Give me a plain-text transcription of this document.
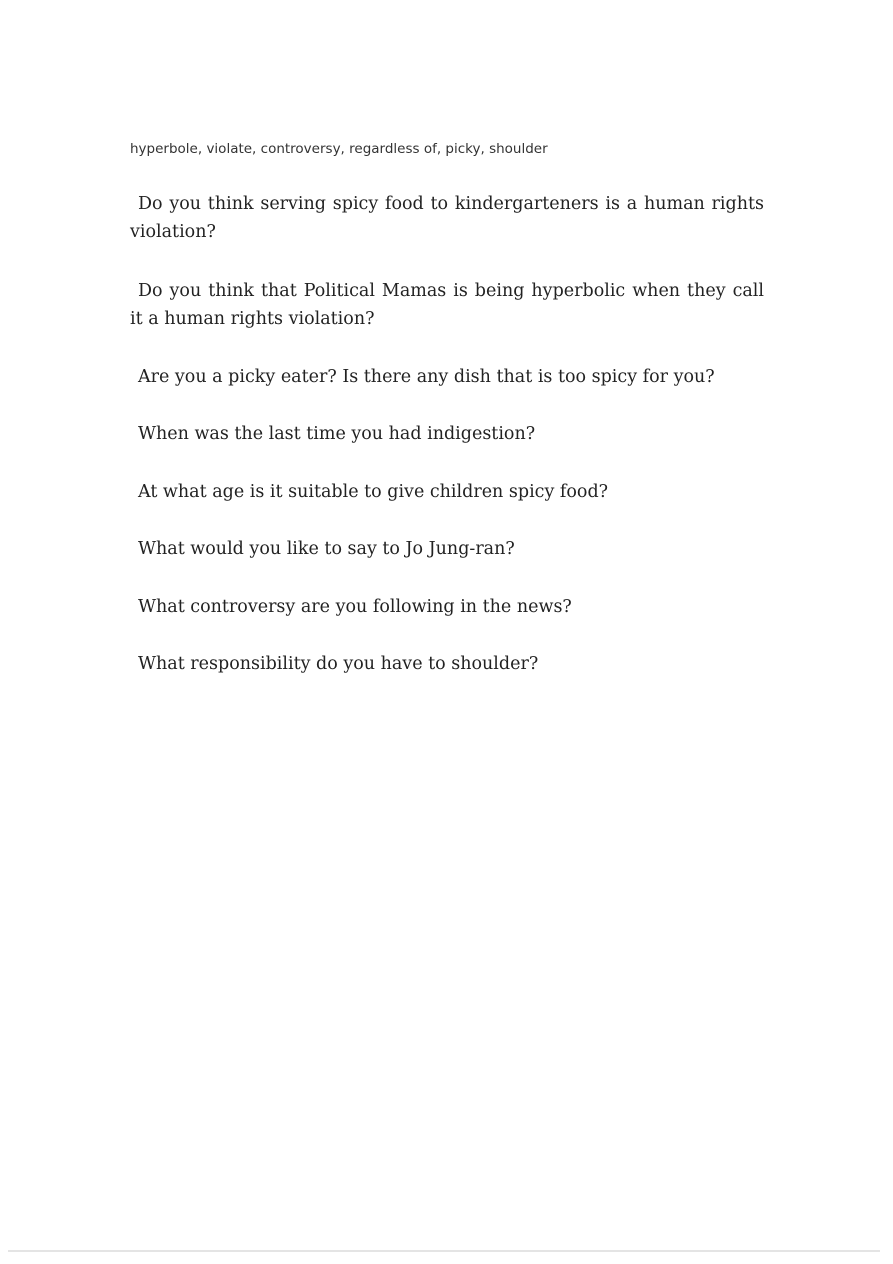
hyperbole, violate, controversy, regardless of, picky, shoulder

Do you think serving spicy food to kindergarteners is a human rights violation?

Do you think that Political Mamas is being hyperbolic when they call it a human rights violation?

Are you a picky eater? Is there any dish that is too spicy for you?

When was the last time you had indigestion?

At what age is it suitable to give children spicy food?

What would you like to say to Jo Jung-ran?

What controversy are you following in the news?

What responsibility do you have to shoulder?
